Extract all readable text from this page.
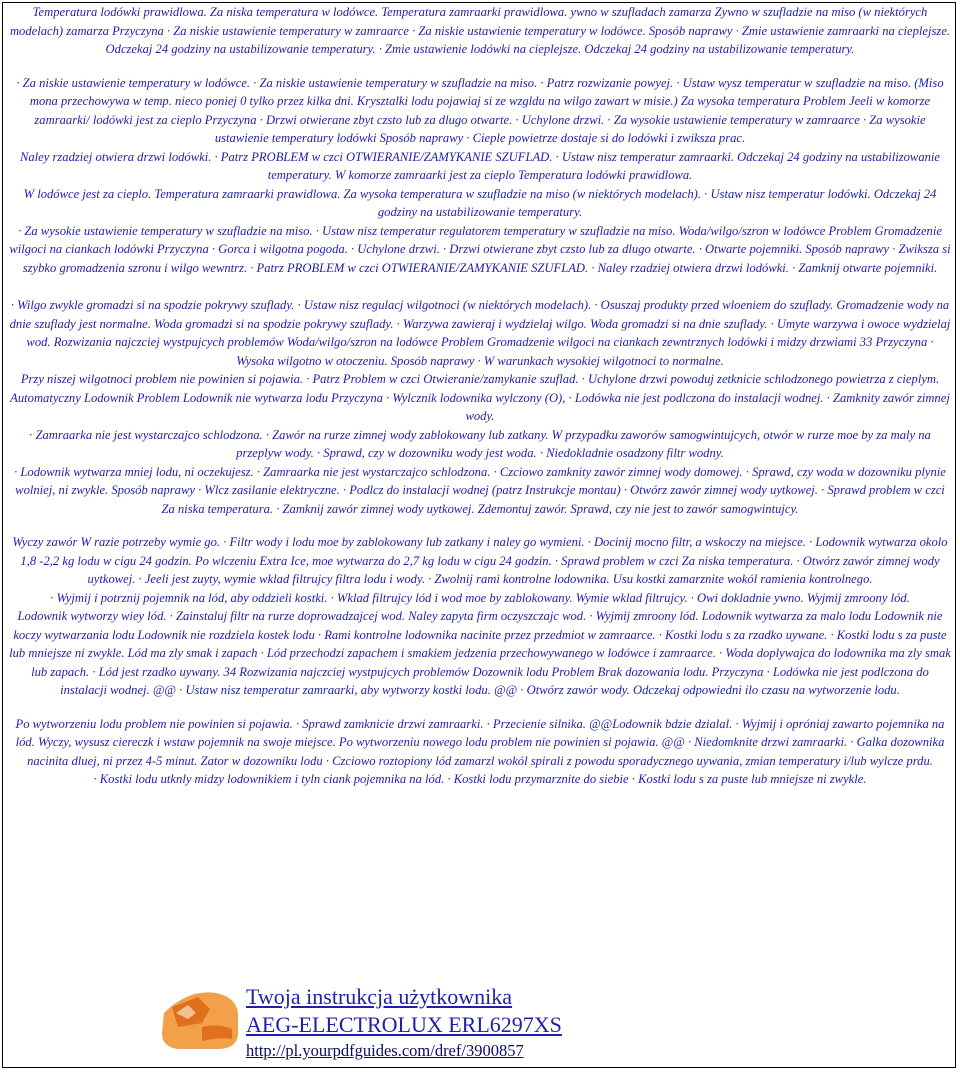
Temperatura lodówki prawidlowa. Za niska temperatura w lodówce. Temperatura zamraarki prawidlowa. ywno w szufladach zamarza Zywno w szufladzie na miso (w niektórych modelach) zamarza Przyczyna · Za niskie ustawienie temperatury w zamraarce · Za niskie ustawienie temperatury w lodówce. Sposób naprawy · Zmie ustawienie zamraarki na cieplejsze. Odczekaj 24 godziny na ustabilizowanie temperatury. · Zmie ustawienie lodówki na cieplejsze. Odczekaj 24 godziny na ustabilizowanie temperatury.

· Za niskie ustawienie temperatury w lodówce. · Za niskie ustawienie temperatury w szufladzie na miso. · Patrz rozwizanie powyej. · Ustaw wysz temperatur w szufladzie na miso. (Miso mona przechowywa w temp. nieco poniej 0 tylko przez kilka dni. Krysztalki lodu pojawiaj si ze wzgldu na wilgo zawart w misie.) Za wysoka temperatura Problem Jeeli w komorze zamraarki/ lodówki jest za cieplo Przyczyna · Drzwi otwierane zbyt czsto lub za dlugo otwarte. · Uchylone drzwi. · Za wysokie ustawienie temperatury w zamraarce · Za wysokie ustawienie temperatury lodówki Sposób naprawy · Cieple powietrze dostaje si do lodówki i zwiksza prac.

Naley rzadziej otwiera drzwi lodówki. · Patrz PROBLEM w czci OTWIERANIE/ZAMYKANIE SZUFLAD. · Ustaw nisz temperatur zamraarki. Odczekaj 24 godziny na ustabilizowanie temperatury. W komorze zamraarki jest za cieplo Temperatura lodówki prawidlowa.

W lodówce jest za cieplo. Temperatura zamraarki prawidlowa. Za wysoka temperatura w szufladzie na miso (w niektórych modelach). · Ustaw nisz temperatur lodówki. Odczekaj 24 godziny na ustabilizowanie temperatury.

· Za wysokie ustawienie temperatury w szufladzie na miso. · Ustaw nisz temperatur regulatorem temperatury w szufladzie na miso. Woda/wilgo/szron w lodówce Problem Gromadzenie wilgoci na ciankach lodówki Przyczyna · Gorca i wilgotna pogoda. · Uchylone drzwi. · Drzwi otwierane zbyt czsto lub za dlugo otwarte. · Otwarte pojemniki. Sposób naprawy · Zwiksza si szybko gromadzenia szronu i wilgo wewntrz. · Patrz PROBLEM w czci OTWIERANIE/ZAMYKANIE SZUFLAD. · Naley rzadziej otwiera drzwi lodówki. · Zamknij otwarte pojemniki.

· Wilgo zwykle gromadzi si na spodzie pokrywy szuflady. · Ustaw nisz regulacj wilgotnoci (w niektórych modelach). · Osuszaj produkty przed wloeniem do szuflady. Gromadzenie wody na dnie szuflady jest normalne. Woda gromadzi si na spodzie pokrywy szuflady. · Warzywa zawieraj i wydzielaj wilgo. Woda gromadzi si na dnie szuflady. · Umyte warzywa i owoce wydzielaj wod. Rozwizania najczciej wystpujcych problemów Woda/wilgo/szron na lodówce Problem Gromadzenie wilgoci na ciankach zewntrznych lodówki i midzy drzwiami 33 Przyczyna · Wysoka wilgotno w otoczeniu. Sposób naprawy · W warunkach wysokiej wilgotnoci to normalne.

Przy niszej wilgotnoci problem nie powinien si pojawia. · Patrz Problem w czci Otwieranie/zamykanie szuflad. · Uchylone drzwi powoduj zetknicie schlodzonego powietrza z cieplym. Automatyczny Lodownik Problem Lodownik nie wytwarza lodu Przyczyna · Wylcznik lodownika wylczony (O), · Lodówka nie jest podlczona do instalacji wodnej. · Zamknity zawór zimnej wody.

· Zamraarka nie jest wystarczajco schlodzona. · Zawór na rurze zimnej wody zablokowany lub zatkany. W przypadku zaworów samogwintujcych, otwór w rurze moe by za maly na przeplyw wody. · Sprawd, czy w dozowniku wody jest woda. · Niedokladnie osadzony filtr wodny.

· Lodownik wytwarza mniej lodu, ni oczekujesz. · Zamraarka nie jest wystarczajco schlodzona. · Czciowo zamknity zawór zimnej wody domowej. · Sprawd, czy woda w dozowniku plynie wolniej, ni zwykle. Sposób naprawy · Wlcz zasilanie elektryczne. · Podlcz do instalacji wodnej (patrz Instrukcje montau) · Otwórz zawór zimnej wody uytkowej. · Sprawd problem w czci Za niska temperatura. · Zamknij zawór zimnej wody uytkowej. Zdemontuj zawór. Sprawd, czy nie jest to zawór samogwintujcy.

Wyczy zawór W razie potrzeby wymie go. · Filtr wody i lodu moe by zablokowany lub zatkany i naley go wymieni. · Docinij mocno filtr, a wskoczy na miejsce. · Lodownik wytwarza okolo 1,8 -2,2 kg lodu w cigu 24 godzin. Po wlczeniu Extra Ice, moe wytwarza do 2,7 kg lodu w cigu 24 godzin. · Sprawd problem w czci Za niska temperatura. · Otwórz zawór zimnej wody uytkowej. · Jeeli jest zuyty, wymie wklad filtrujcy filtra lodu i wody. · Zwolnij rami kontrolne lodownika. Usu kostki zamarznite wokól ramienia kontrolnego.

· Wyjmij i potrznij pojemnik na lód, aby oddzieli kostki. · Wklad filtrujcy lód i wod moe by zablokowany. Wymie wklad filtrujcy. · Owi dokladnie ywno. Wyjmij zmroony lód.

Lodownik wytworzy wiey lód. · Zainstaluj filtr na rurze doprowadzajcej wod. Naley zapyta firm oczyszczajc wod. · Wyjmij zmroony lód. Lodownik wytwarza za malo lodu Lodownik nie koczy wytwarzania lodu Lodownik nie rozdziela kostek lodu · Rami kontrolne lodownika nacinite przez przedmiot w zamraarce. · Kostki lodu s za rzadko uywane. · Kostki lodu s za puste lub mniejsze ni zwykle. Lód ma zly smak i zapach · Lód przechodzi zapachem i smakiem jedzenia przechowywanego w lodówce i zamraarce. · Woda doplywajca do lodownika ma zly smak lub zapach. · Lód jest rzadko uywany. 34 Rozwizania najczciej wystpujcych problemów Dozownik lodu Problem Brak dozowania lodu. Przyczyna · Lodówka nie jest podlczona do instalacji wodnej. @@ · Ustaw nisz temperatur zamraarki, aby wytworzy kostki lodu. @@ · Otwórz zawór wody. Odczekaj odpowiedni ilo czasu na wytworzenie lodu.

Po wytworzeniu lodu problem nie powinien si pojawia. · Sprawd zamknicie drzwi zamraarki. · Przecienie silnika. @@Lodownik bdzie dzialal. · Wyjmij i opróniaj zawarto pojemnika na lód. Wyczy, wysusz ciereczk i wstaw pojemnik na swoje miejsce. Po wytworzeniu nowego lodu problem nie powinien si pojawia. @@ · Niedomknite drzwi zamraarki. · Galka dozownika nacinita dluej, ni przez 4-5 minut. Zator w dozowniku lodu · Czciowo roztopiony lód zamarzl wokól spirali z powodu sporadycznego uywania, zmian temperatury i/lub wylcze prdu.

· Kostki lodu utknly midzy lodownikiem i tyln ciank pojemnika na lód. · Kostki lodu przymarznite do siebie · Kostki lodu s za puste lub mniejsze ni zwykle.

Twoja instrukcja użytkownika
AEG-ELECTROLUX ERL6297XS
http://pl.yourpdfguides.com/dref/3900857
